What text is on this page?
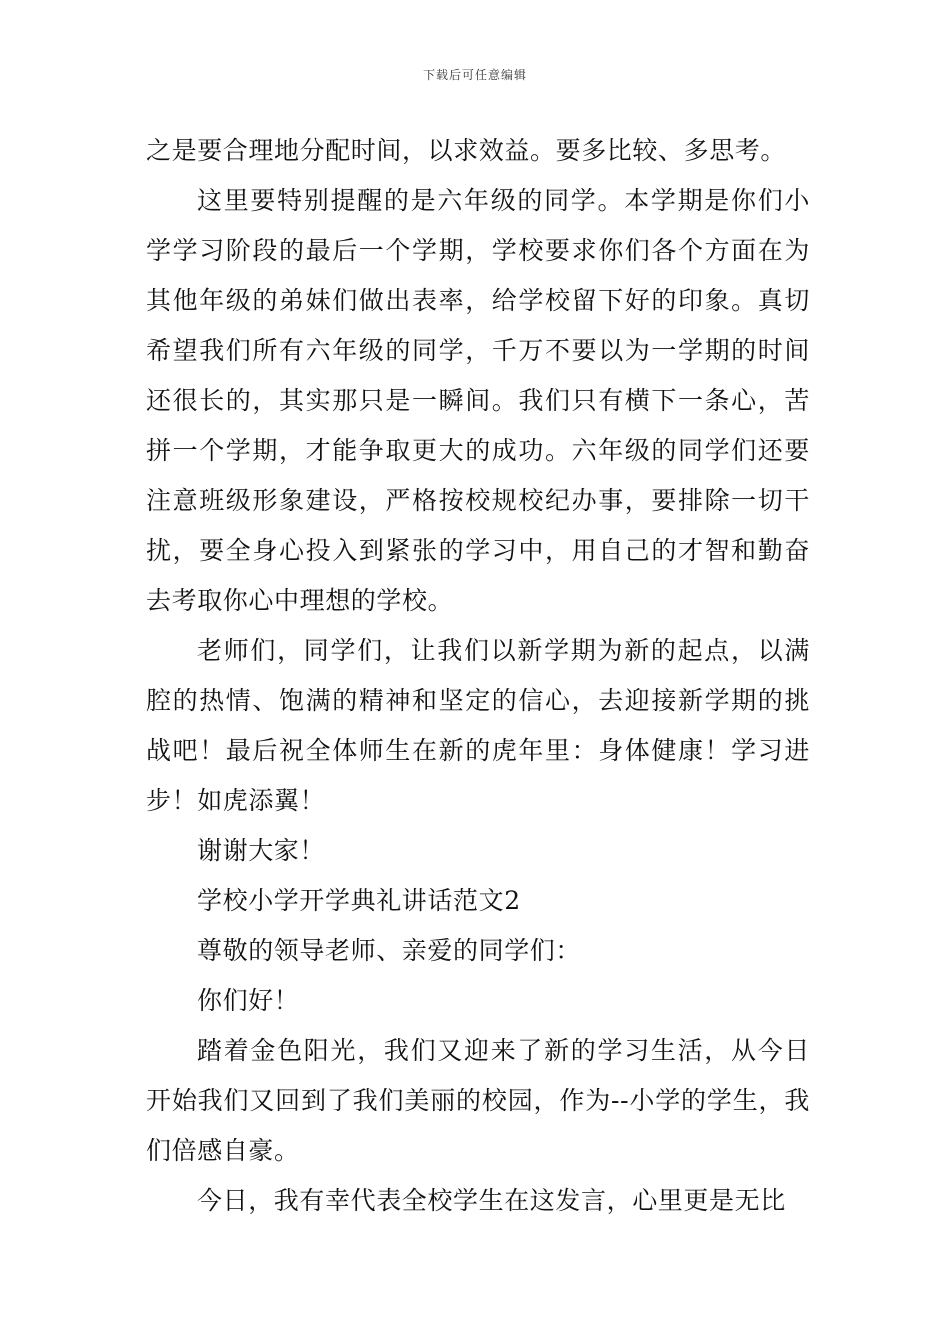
下载后可任意编辑

之是要合理地分配时间，以求效益。要多比较、多思考。

这里要特别提醒的是六年级的同学。本学期是你们小学学习阶段的最后一个学期，学校要求你们各个方面在为其他年级的弟妹们做出表率，给学校留下好的印象。真切希望我们所有六年级的同学，千万不要以为一学期的时间还很长的，其实那只是一瞬间。我们只有横下一条心，苦拼一个学期，才能争取更大的成功。六年级的同学们还要注意班级形象建设，严格按校规校纪办事，要排除一切干扰，要全身心投入到紧张的学习中，用自己的才智和勤奋去考取你心中理想的学校。

老师们，同学们，让我们以新学期为新的起点，以满腔的热情、饱满的精神和坚定的信心，去迎接新学期的挑战吧！最后祝全体师生在新的虎年里：身体健康！学习进步！如虎添翼！

谢谢大家！

学校小学开学典礼讲话范文2

尊敬的领导老师、亲爱的同学们：

你们好！

踏着金色阳光，我们又迎来了新的学习生活，从今日开始我们又回到了我们美丽的校园，作为--小学的学生，我们倍感自豪。

今日，我有幸代表全校学生在这发言，心里更是无比
